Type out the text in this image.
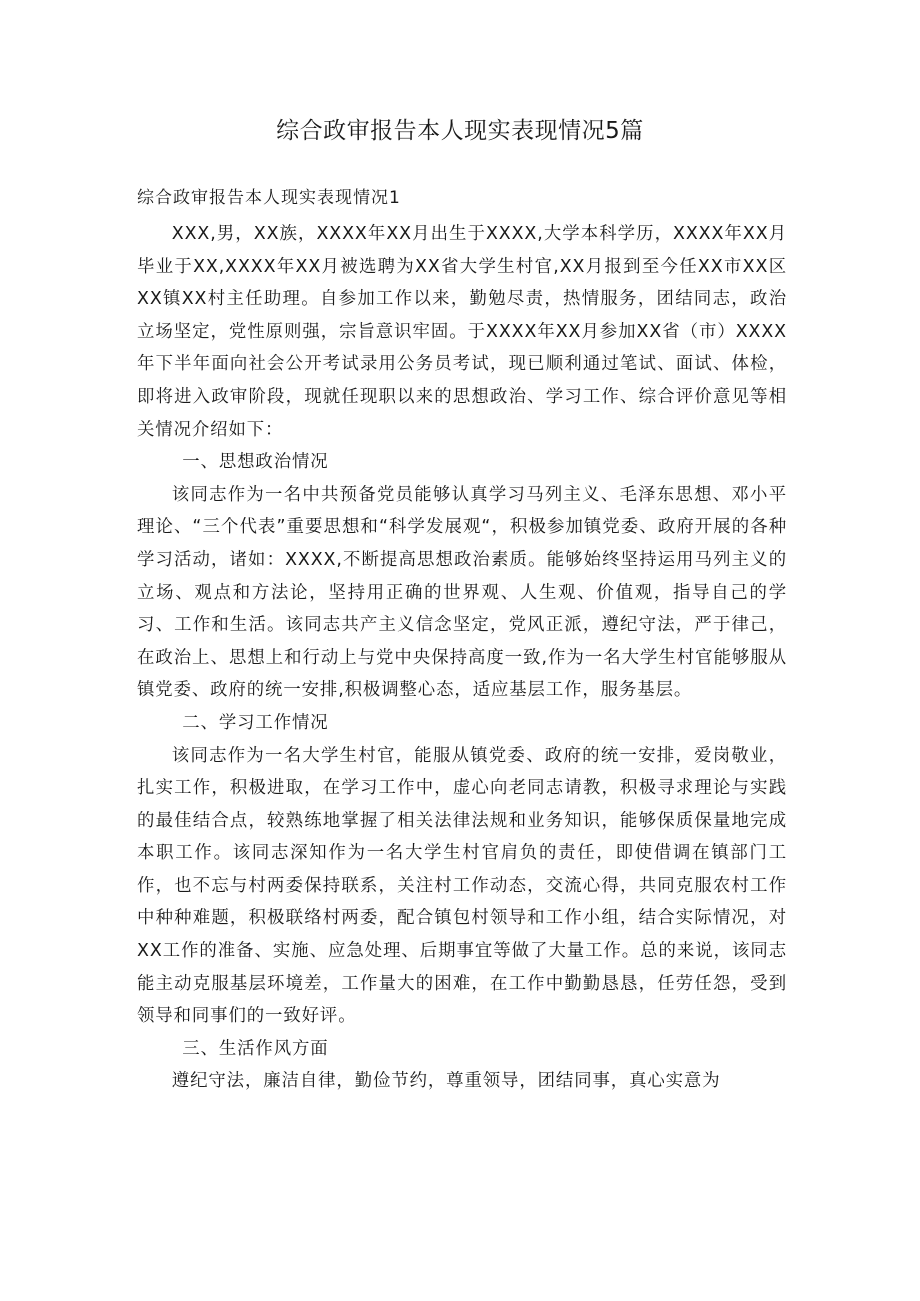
综合政审报告本人现实表现情况5篇

综合政审报告本人现实表现情况1

XXX,男，XX族，XXXX年XX月出生于XXXX,大学本科学历，XXXX年XX月毕业于XX,XXXX年XX月被选聘为XX省大学生村官,XX月报到至今任XX市XX区XX镇XX村主任助理。自参加工作以来，勤勉尽责，热情服务，团结同志，政治立场坚定，党性原则强，宗旨意识牢固。于XXXX年XX月参加XX省（市）XXXX年下半年面向社会公开考试录用公务员考试，现已顺利通过笔试、面试、体检，即将进入政审阶段，现就任现职以来的思想政治、学习工作、综合评价意见等相关情况介绍如下：

一、思想政治情况

该同志作为一名中共预备党员能够认真学习马列主义、毛泽东思想、邓小平理论、“三个代表”重要思想和“科学发展观“，积极参加镇党委、政府开展的各种学习活动，诸如：XXXX,不断提高思想政治素质。能够始终坚持运用马列主义的立场、观点和方法论，坚持用正确的世界观、人生观、价值观，指导自己的学习、工作和生活。该同志共产主义信念坚定，党风正派，遵纪守法，严于律己，在政治上、思想上和行动上与党中央保持高度一致,作为一名大学生村官能够服从镇党委、政府的统一安排,积极调整心态，适应基层工作，服务基层。

二、学习工作情况

该同志作为一名大学生村官，能服从镇党委、政府的统一安排，爱岗敬业，扎实工作，积极进取，在学习工作中，虚心向老同志请教，积极寻求理论与实践的最佳结合点，较熟练地掌握了相关法律法规和业务知识，能够保质保量地完成本职工作。该同志深知作为一名大学生村官肩负的责任，即使借调在镇部门工作，也不忘与村两委保持联系，关注村工作动态，交流心得，共同克服农村工作中种种难题，积极联络村两委，配合镇包村领导和工作小组，结合实际情况，对XX工作的准备、实施、应急处理、后期事宜等做了大量工作。总的来说，该同志能主动克服基层环境差，工作量大的困难，在工作中勤勤恳恳，任劳任怨，受到领导和同事们的一致好评。

三、生活作风方面

遵纪守法，廉洁自律，勤俭节约，尊重领导，团结同事，真心实意为
